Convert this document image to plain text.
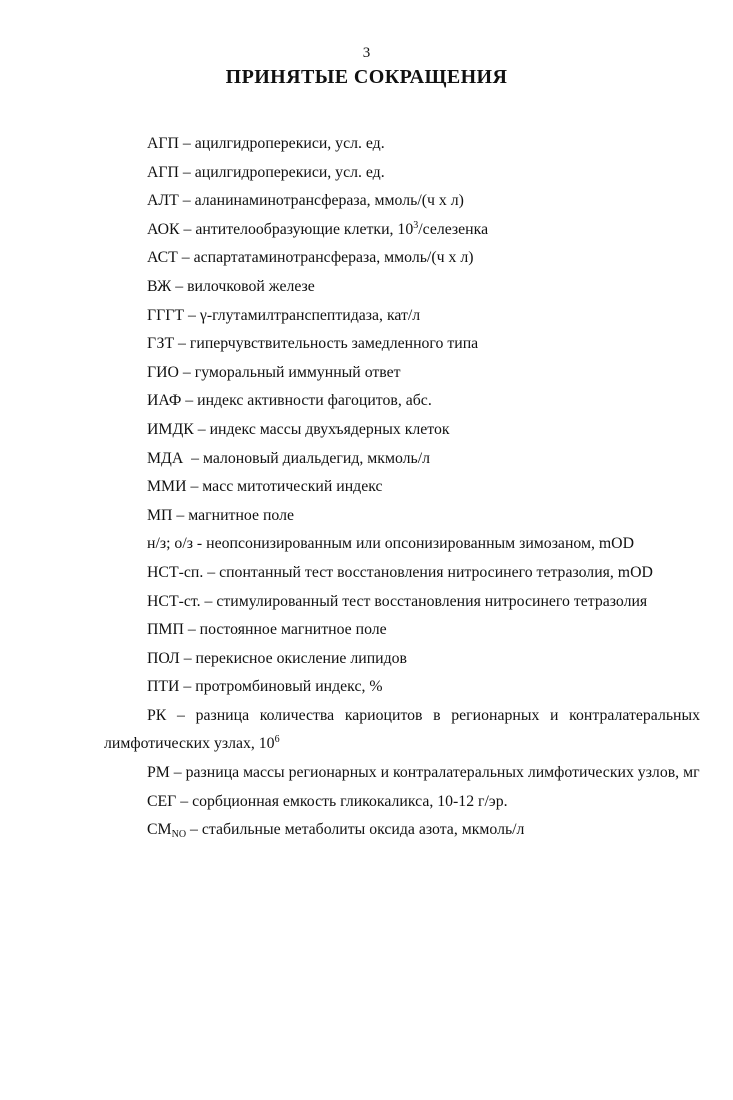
3
ПРИНЯТЫЕ СОКРАЩЕНИЯ
АГП – ацилгидроперекиси, усл. ед.
АГП – ацилгидроперекиси, усл. ед.
АЛТ – аланинаминотрансфераза, ммоль/(ч х л)
АОК – антителообразующие клетки, $10^3$/селезенка
АСТ – аспартатаминотрансфераза, ммоль/(ч х л)
ВЖ – вилочковой железе
ГГГТ – γ-глутамилтранспептидаза, кат/л
ГЗТ – гиперчувствительность замедленного типа
ГИО – гуморальный иммунный ответ
ИАФ – индекс активности фагоцитов, абс.
ИМДК – индекс массы двухъядерных клеток
МДА  – малоновый диальдегид, мкмоль/л
ММИ – масс митотический индекс
МП – магнитное поле
н/з; о/з - неопсонизированным или опсонизированным зимозаном, mOD
НСТ-сп. – спонтанный тест восстановления нитросинего тетразолия, mOD
НСТ-ст. – стимулированный тест восстановления нитросинего тетразолия
ПМП – постоянное магнитное поле
ПОЛ – перекисное окисление липидов
ПТИ – протромбиновый индекс, %
РК – разница количества кариоцитов в регионарных и контралатеральных лимфотических узлах, $10^6$
РМ – разница массы регионарных и контралатеральных лимфотических узлов, мг
СЕГ – сорбционная емкость гликокаликса, 10-12 г/эр.
$СМ_{NO}$ – стабильные метаболиты оксида азота, мкмоль/л
